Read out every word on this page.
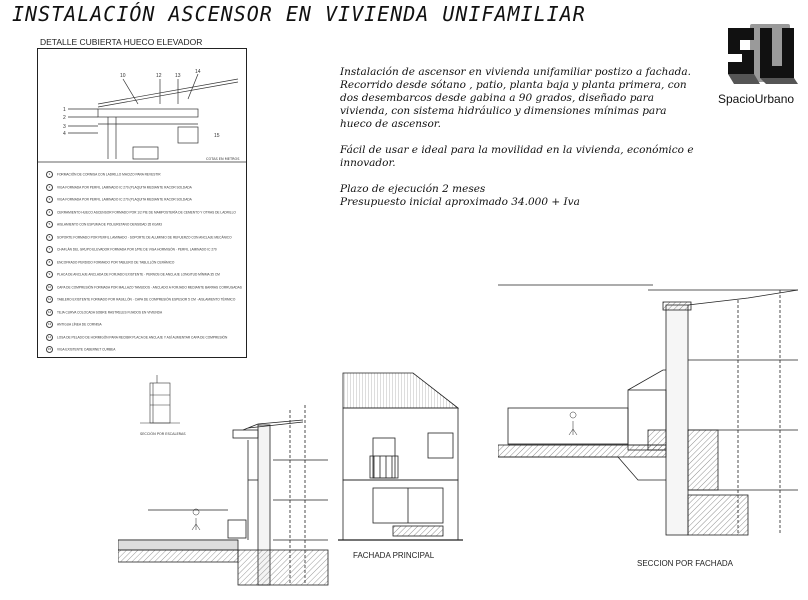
INSTALACIÓN ASCENSOR EN VIVIENDA UNIFAMILIAR
SpacioUrbano
DETALLE CUBIERTA HUECO ELEVADOR
10	12	13
14
1
2
3
4	15
COTAS EN METROS
1 FORMACIÓN DE CORNISA CON LADRILLO MACIZO PARA REVESTIR
2 VIGA FORMADA POR PERFIL LAMINADO IC 270 (PLAQUITA MEDIANTE RACOR SOLDADA
3 VIGA FORMADA POR PERFIL LAMINADO IC 270 (PLAQUITA MEDIANTE RACOR SOLDADA
4 CERRAMIENTO HUECO ASCENSOR FORMADO POR 1/2 PIE DE MAMPOSTERÍA DE CEMENTO Y OTRAS DE LADRILLO
5 AISLAMIENTO CON ESPUMA DE POLIURETANO DENSIDAD 35 KG/M3
6 SOPORTE FORMADO POR PERFIL LAMINADO · SOPORTE DE ALUMINIO DE REFUERZO CON ANCLAJE MECÁNICO
7 CHAFLÁN DEL GRUPO ELEVADOR FORMADA POR 1/PIE DE VIGA HORMIGÓN · PERFIL LAMINADO IC 270
8 ENCOFRADO PERDIDO FORMADO POR TABLERO DE TABLILLÓN CERÁMICO
9 PLACA DE ANCLAJE ANCLADA DE FORJADO EXISTENTE · PERNOS DE ANCLAJE LONGITUD MÍNIMA 35 CM
10 CAPA DE COMPRESIÓN FORMADA POR MALLAZO TAMUDOS · ANCLADO A FORJADO MEDIANTE BARRAS CORRUGADAS
11 TABLERO EXISTENTE FORMADO POR RASILLÓN · CAPA DE COMPRESIÓN ESPESOR 5 CM · AISLAMIENTO TÉRMICO
12 TEJA CURVA COLOCADA SOBRE RASTRELES FIJADOS EN VIVIENDA
13 ANTIGUA LÍNEA DE CORNISA
14 LOSA DE PELADO DE HORMIGÓN PARA RECIBIR PLACA DE ANCLAJE Y ASÍ AUMENTAR CAPA DE COMPRESIÓN
15 VIGA EXISTENTE CABERNET CURBEA

Instalación de ascensor en vivienda unifamiliar postizo a fachada. Recorrido desde sótano , patio, planta baja y planta primera, con dos desembarcos desde gabina a 90 grados, diseñado para vivienda, con sistema hidráulico y dimensiones mínimas para hueco de ascensor.

Fácil de usar e ideal para la movilidad en la vivienda, económico e innovador.

Plazo de ejecución 2 meses
Presupuesto inicial aproximado 34.000 + Iva
SECCIÓN POR ESCALERAS
FACHADA PRINCIPAL
SECCION POR FACHADA
